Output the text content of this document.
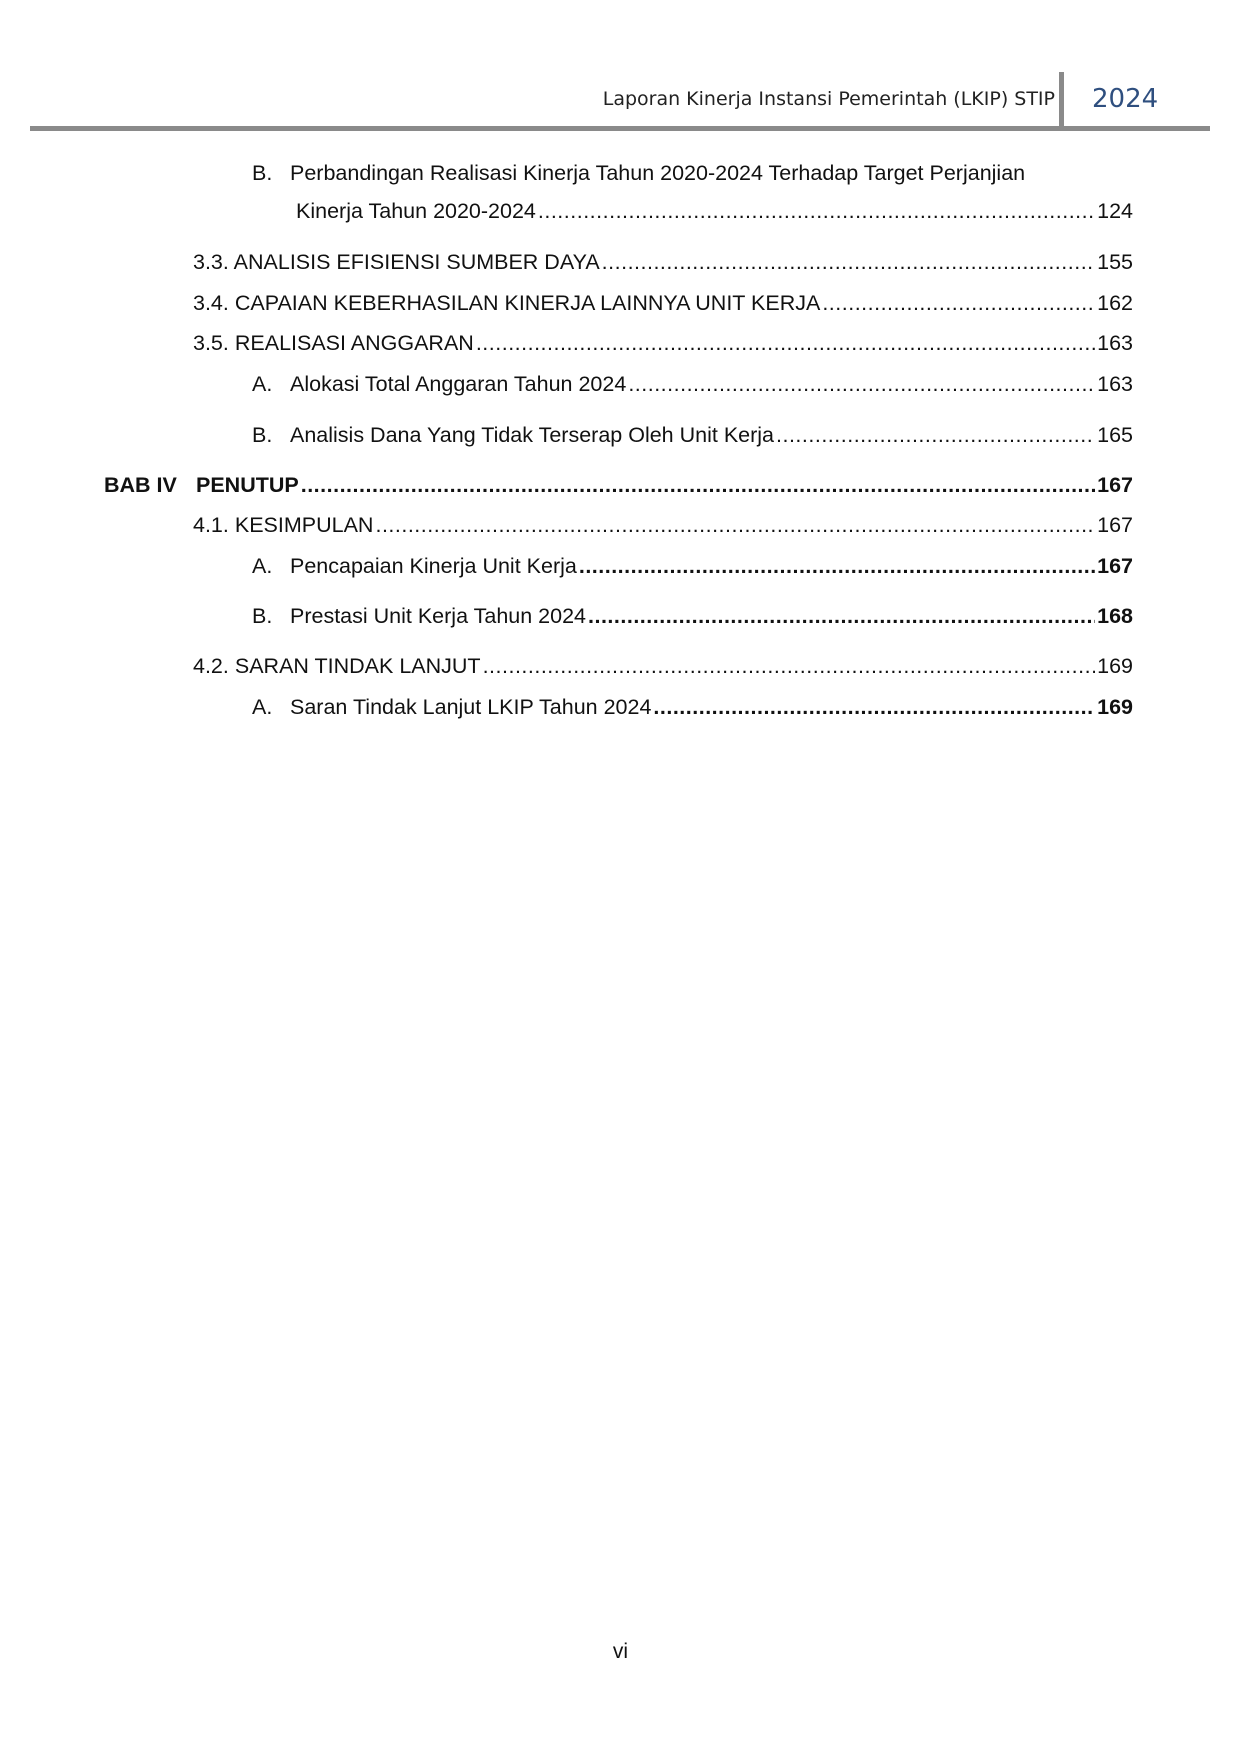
Laporan Kinerja Instansi Pemerintah (LKIP) STIP 2024
B. Perbandingan Realisasi Kinerja Tahun 2020-2024 Terhadap Target Perjanjian
Kinerja Tahun 2020-2024 .....	124
3.3. ANALISIS EFISIENSI SUMBER DAYA .....	155
3.4. CAPAIAN KEBERHASILAN KINERJA LAINNYA UNIT KERJA .....	162
3.5. REALISASI ANGGARAN .....	163
A. Alokasi Total Anggaran Tahun 2024 .....	163
B. Analisis Dana Yang Tidak Terserap Oleh Unit Kerja .....	165
BAB IV PENUTUP .....	167
4.1. KESIMPULAN .....	167
A. Pencapaian Kinerja Unit Kerja .....	167
B. Prestasi Unit Kerja Tahun 2024 .....	168
4.2. SARAN TINDAK LANJUT .....	169
A. Saran Tindak Lanjut LKIP Tahun 2024 .....	169
vi
